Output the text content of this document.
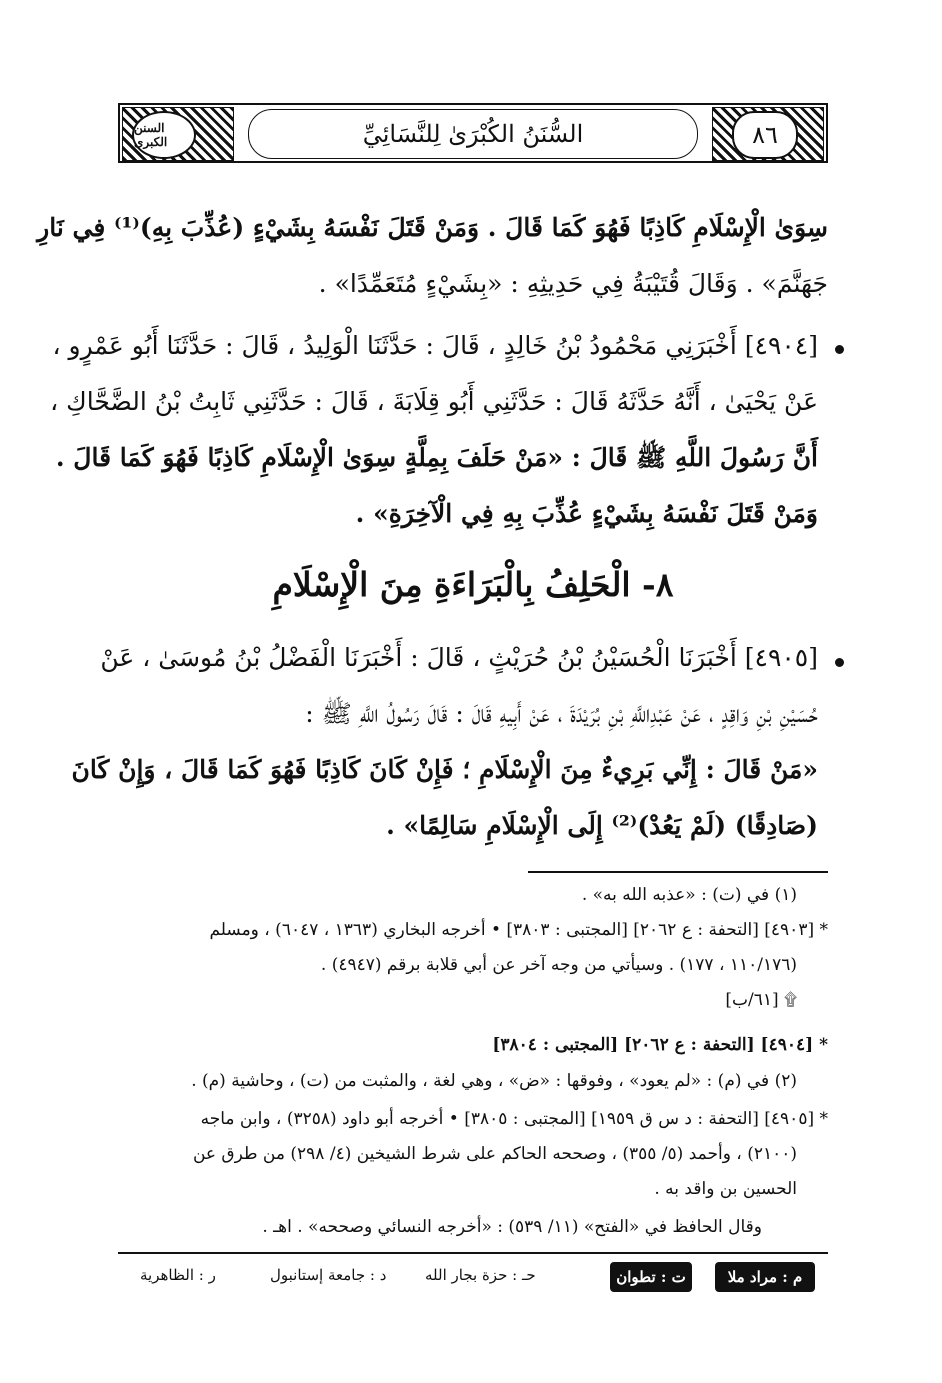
السنن الكبرى	السُّنَنُ الكُبْرَىٰ لِلنَّسَائِيِّ	٨٦
سِوَىٰ الْإِسْلَامِ كَاذِبًا فَهُوَ كَمَا قَالَ . وَمَنْ قَتَلَ نَفْسَهُ بِشَيْءٍ (عُذِّبَ بِهِ)⁽¹⁾ فِي نَارِ
جَهَنَّمَ» . وَقَالَ قُتَيْبَةُ فِي حَدِيثِهِ : «بِشَيْءٍ مُتَعَمِّدًا» .
[٤٩٠٤] أَخْبَرَنِي مَحْمُودُ بْنُ خَالِدٍ ، قَالَ : حَدَّثَنَا الْوَلِيدُ ، قَالَ : حَدَّثَنَا أَبُو عَمْرٍو ،
عَنْ يَحْيَىٰ ، أَنَّهُ حَدَّثَهُ قَالَ : حَدَّثَنِي أَبُو قِلَابَةَ ، قَالَ : حَدَّثَنِي ثَابِتُ بْنُ الضَّحَّاكِ ،
أَنَّ رَسُولَ اللَّهِ ﷺ قَالَ : «مَنْ حَلَفَ بِمِلَّةٍ سِوَىٰ الْإِسْلَامِ كَاذِبًا فَهُوَ كَمَا قَالَ .
وَمَنْ قَتَلَ نَفْسَهُ بِشَيْءٍ عُذِّبَ بِهِ فِي الْآخِرَةِ» .
٨- الْحَلِفُ بِالْبَرَاءَةِ مِنَ الْإِسْلَامِ
[٤٩٠٥] أَخْبَرَنَا الْحُسَيْنُ بْنُ حُرَيْثٍ ، قَالَ : أَخْبَرَنَا الْفَضْلُ بْنُ مُوسَىٰ ، عَنْ
حُسَيْنِ بْنِ وَاقِدٍ ، عَنْ عَبْدِاللَّهِ بْنِ بُرَيْدَةَ ، عَنْ أَبِيهِ قَالَ : قَالَ رَسُولُ اللَّهِ ﷺ :
«مَنْ قَالَ : إِنِّي بَرِيءٌ مِنَ الْإِسْلَامِ ؛ فَإِنْ كَانَ كَاذِبًا فَهُوَ كَمَا قَالَ ، وَإِنْ كَانَ
(صَادِقًا) (لَمْ يَعُدْ)⁽²⁾ إِلَى الْإِسْلَامِ سَالِمًا» .
(١) في (ت) : «عذبه الله به» .
* [٤٩٠٣] [التحفة : ع ٢٠٦٢] [المجتبى : ٣٨٠٣] • أخرجه البخاري (١٣٦٣ ، ٦٠٤٧) ، ومسلم
(١١٠/١٧٦ ، ١٧٧) . وسيأتي من وجه آخر عن أبي قلابة برقم (٤٩٤٧) .
۩ [٦١/ب]
* [٤٩٠٤] [التحفة : ع ٢٠٦٢] [المجتبى : ٣٨٠٤]
(٢) في (م) : «لم يعود» ، وفوقها : «ض» ، وهي لغة ، والمثبت من (ت) ، وحاشية (م) .
* [٤٩٠٥] [التحفة : د س ق ١٩٥٩] [المجتبى : ٣٨٠٥] • أخرجه أبو داود (٣٢٥٨) ، وابن ماجه
(٢١٠٠) ، وأحمد (٥/ ٣٥٥) ، وصححه الحاكم على شرط الشيخين (٤/ ٢٩٨) من طرق عن
الحسين بن واقد به .
وقال الحافظ في «الفتح» (١١/ ٥٣٩) : «أخرجه النسائي وصححه» . اهـ .
م : مراد ملا
ت : تطوان
حـ : حزة بجار الله
د : جامعة إستانبول
ر : الظاهرية
